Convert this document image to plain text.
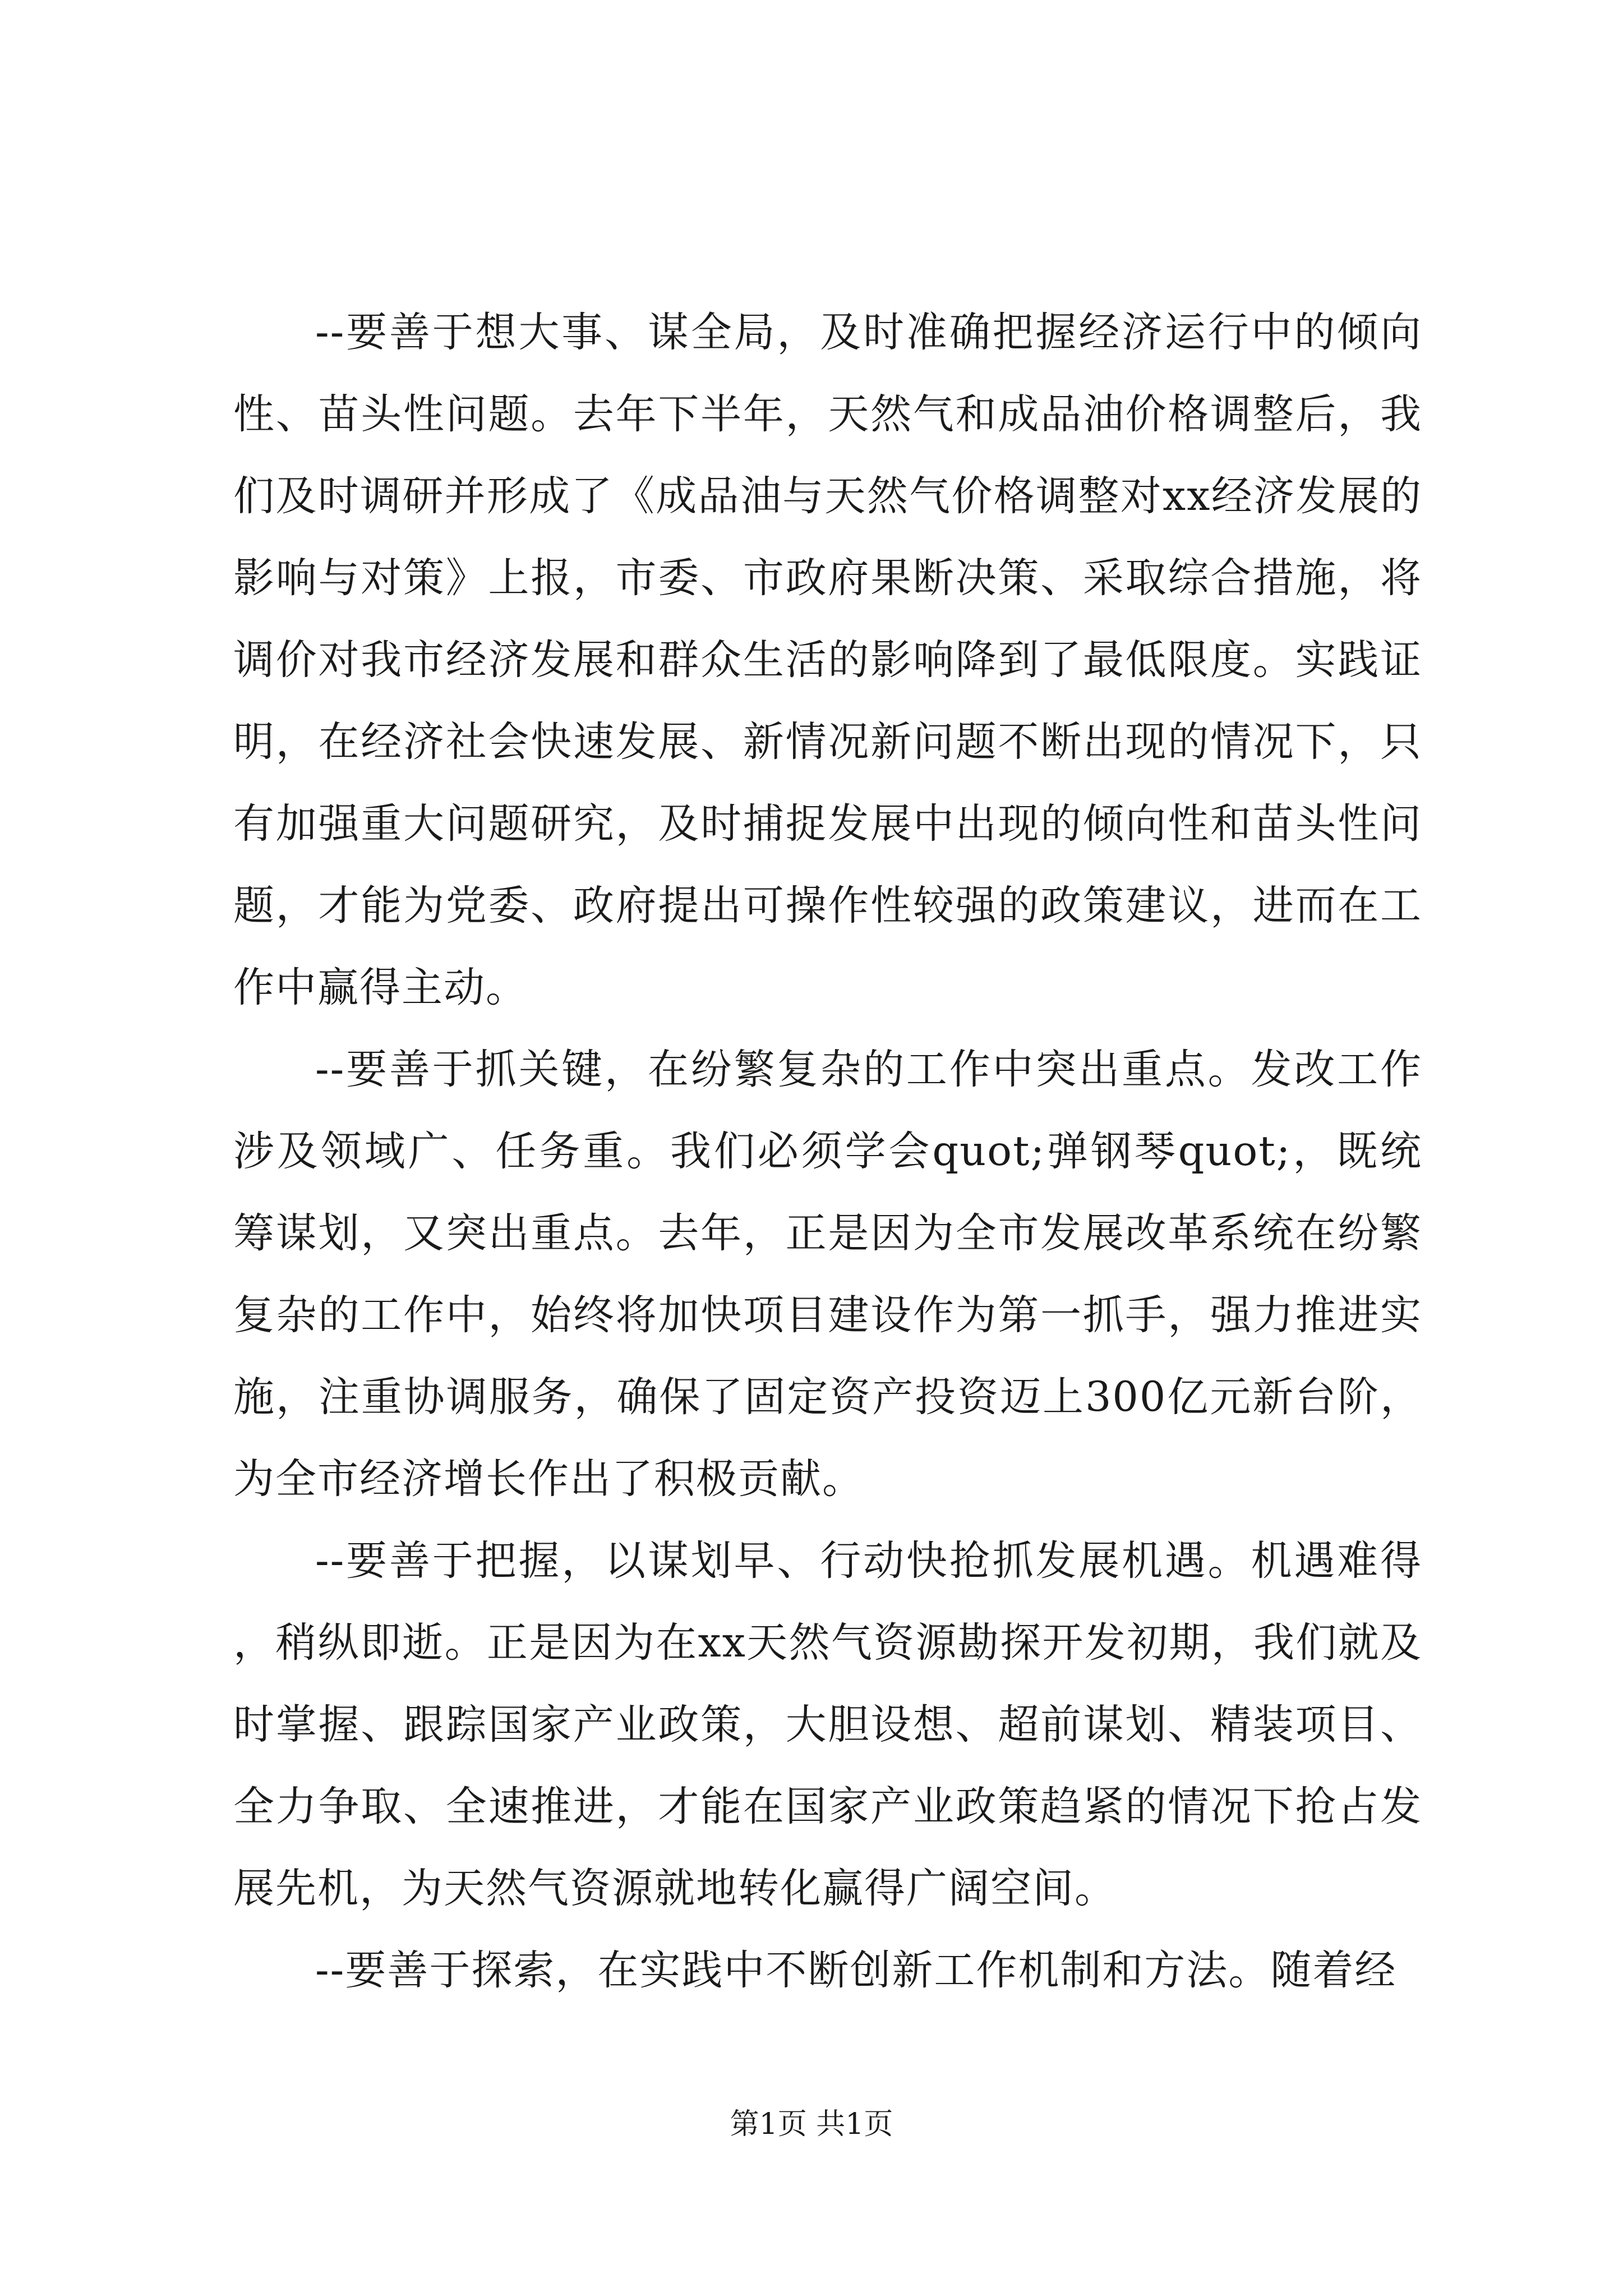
--要善于想大事、谋全局，及时准确把握经济运行中的倾向性、苗头性问题。去年下半年，天然气和成品油价格调整后，我们及时调研并形成了《成品油与天然气价格调整对xx经济发展的影响与对策》上报，市委、市政府果断决策、采取综合措施，将调价对我市经济发展和群众生活的影响降到了最低限度。实践证明，在经济社会快速发展、新情况新问题不断出现的情况下，只有加强重大问题研究，及时捕捉发展中出现的倾向性和苗头性问题，才能为党委、政府提出可操作性较强的政策建议，进而在工作中赢得主动。

--要善于抓关键，在纷繁复杂的工作中突出重点。发改工作涉及领域广、任务重。我们必须学会quot;弹钢琴quot;，既统筹谋划，又突出重点。去年，正是因为全市发展改革系统在纷繁复杂的工作中，始终将加快项目建设作为第一抓手，强力推进实施，注重协调服务，确保了固定资产投资迈上300亿元新台阶，为全市经济增长作出了积极贡献。

--要善于把握，以谋划早、行动快抢抓发展机遇。机遇难得，稍纵即逝。正是因为在xx天然气资源勘探开发初期，我们就及时掌握、跟踪国家产业政策，大胆设想、超前谋划、精装项目、全力争取、全速推进，才能在国家产业政策趋紧的情况下抢占发展先机，为天然气资源就地转化赢得广阔空间。

--要善于探索，在实践中不断创新工作机制和方法。随着经

第1页 共1页
